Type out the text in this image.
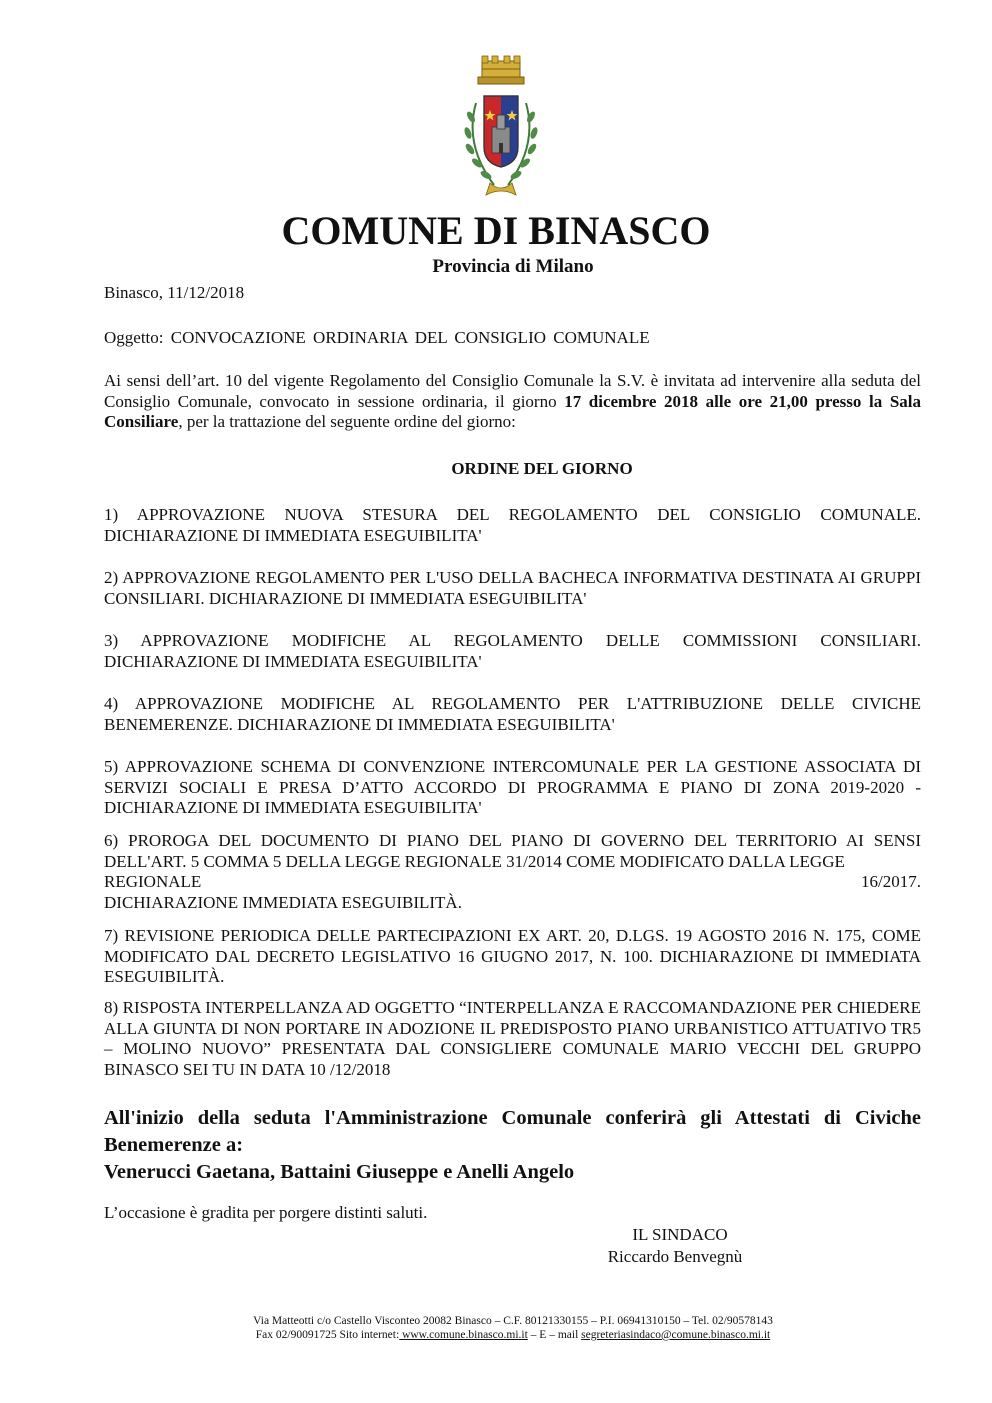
COMUNE DI BINASCO
Provincia di Milano
Binasco, 11/12/2018
Oggetto: CONVOCAZIONE ORDINARIA DEL CONSIGLIO COMUNALE
Ai sensi dell’art. 10 del vigente Regolamento del Consiglio Comunale la S.V. è invitata ad intervenire alla seduta del Consiglio Comunale, convocato in sessione ordinaria, il giorno 17 dicembre 2018 alle ore 21,00 presso la Sala Consiliare, per la trattazione del seguente ordine del giorno:
ORDINE DEL GIORNO
1) APPROVAZIONE NUOVA STESURA DEL REGOLAMENTO DEL CONSIGLIO COMUNALE. DICHIARAZIONE DI IMMEDIATA ESEGUIBILITA'
2) APPROVAZIONE REGOLAMENTO PER L'USO DELLA BACHECA INFORMATIVA DESTINATA AI GRUPPI CONSILIARI. DICHIARAZIONE DI IMMEDIATA ESEGUIBILITA'
3) APPROVAZIONE MODIFICHE AL REGOLAMENTO DELLE COMMISSIONI CONSILIARI. DICHIARAZIONE DI IMMEDIATA ESEGUIBILITA'
4) APPROVAZIONE MODIFICHE AL REGOLAMENTO PER L'ATTRIBUZIONE DELLE CIVICHE BENEMERENZE. DICHIARAZIONE DI IMMEDIATA ESEGUIBILITA'
5) APPROVAZIONE SCHEMA DI CONVENZIONE INTERCOMUNALE PER LA GESTIONE ASSOCIATA DI SERVIZI SOCIALI E PRESA D’ATTO ACCORDO DI PROGRAMMA E PIANO DI ZONA 2019-2020 - DICHIARAZIONE DI IMMEDIATA ESEGUIBILITA'
6) PROROGA DEL DOCUMENTO DI PIANO DEL PIANO DI GOVERNO DEL TERRITORIO AI SENSI DELL'ART. 5 COMMA 5 DELLA LEGGE REGIONALE 31/2014 COME MODIFICATO DALLA LEGGE
REGIONALE 16/2017.
DICHIARAZIONE IMMEDIATA ESEGUIBILITÀ.
7) REVISIONE PERIODICA DELLE PARTECIPAZIONI EX ART. 20, D.LGS. 19 AGOSTO 2016 N. 175, COME MODIFICATO DAL DECRETO LEGISLATIVO 16 GIUGNO 2017, N. 100. DICHIARAZIONE DI IMMEDIATA ESEGUIBILITÀ.
8) RISPOSTA INTERPELLANZA AD OGGETTO “INTERPELLANZA E RACCOMANDAZIONE PER CHIEDERE ALLA GIUNTA DI NON PORTARE IN ADOZIONE IL PREDISPOSTO PIANO URBANISTICO ATTUATIVO TR5 – MOLINO NUOVO” PRESENTATA DAL CONSIGLIERE COMUNALE MARIO VECCHI DEL GRUPPO BINASCO SEI TU IN DATA 10 /12/2018
All'inizio della seduta l'Amministrazione Comunale conferirà gli Attestati di Civiche Benemerenze a:
Venerucci Gaetana, Battaini Giuseppe e Anelli Angelo
L’occasione è gradita per porgere distinti saluti.
IL SINDACO
Riccardo Benvegnù
Via Matteotti c/o Castello Visconteo 20082 Binasco – C.F. 80121330155 – P.I. 06941310150 – Tel. 02/90578143
Fax 02/90091725 Sito internet: www.comune.binasco.mi.it – E – mail segreteriasindaco@comune.binasco.mi.it
